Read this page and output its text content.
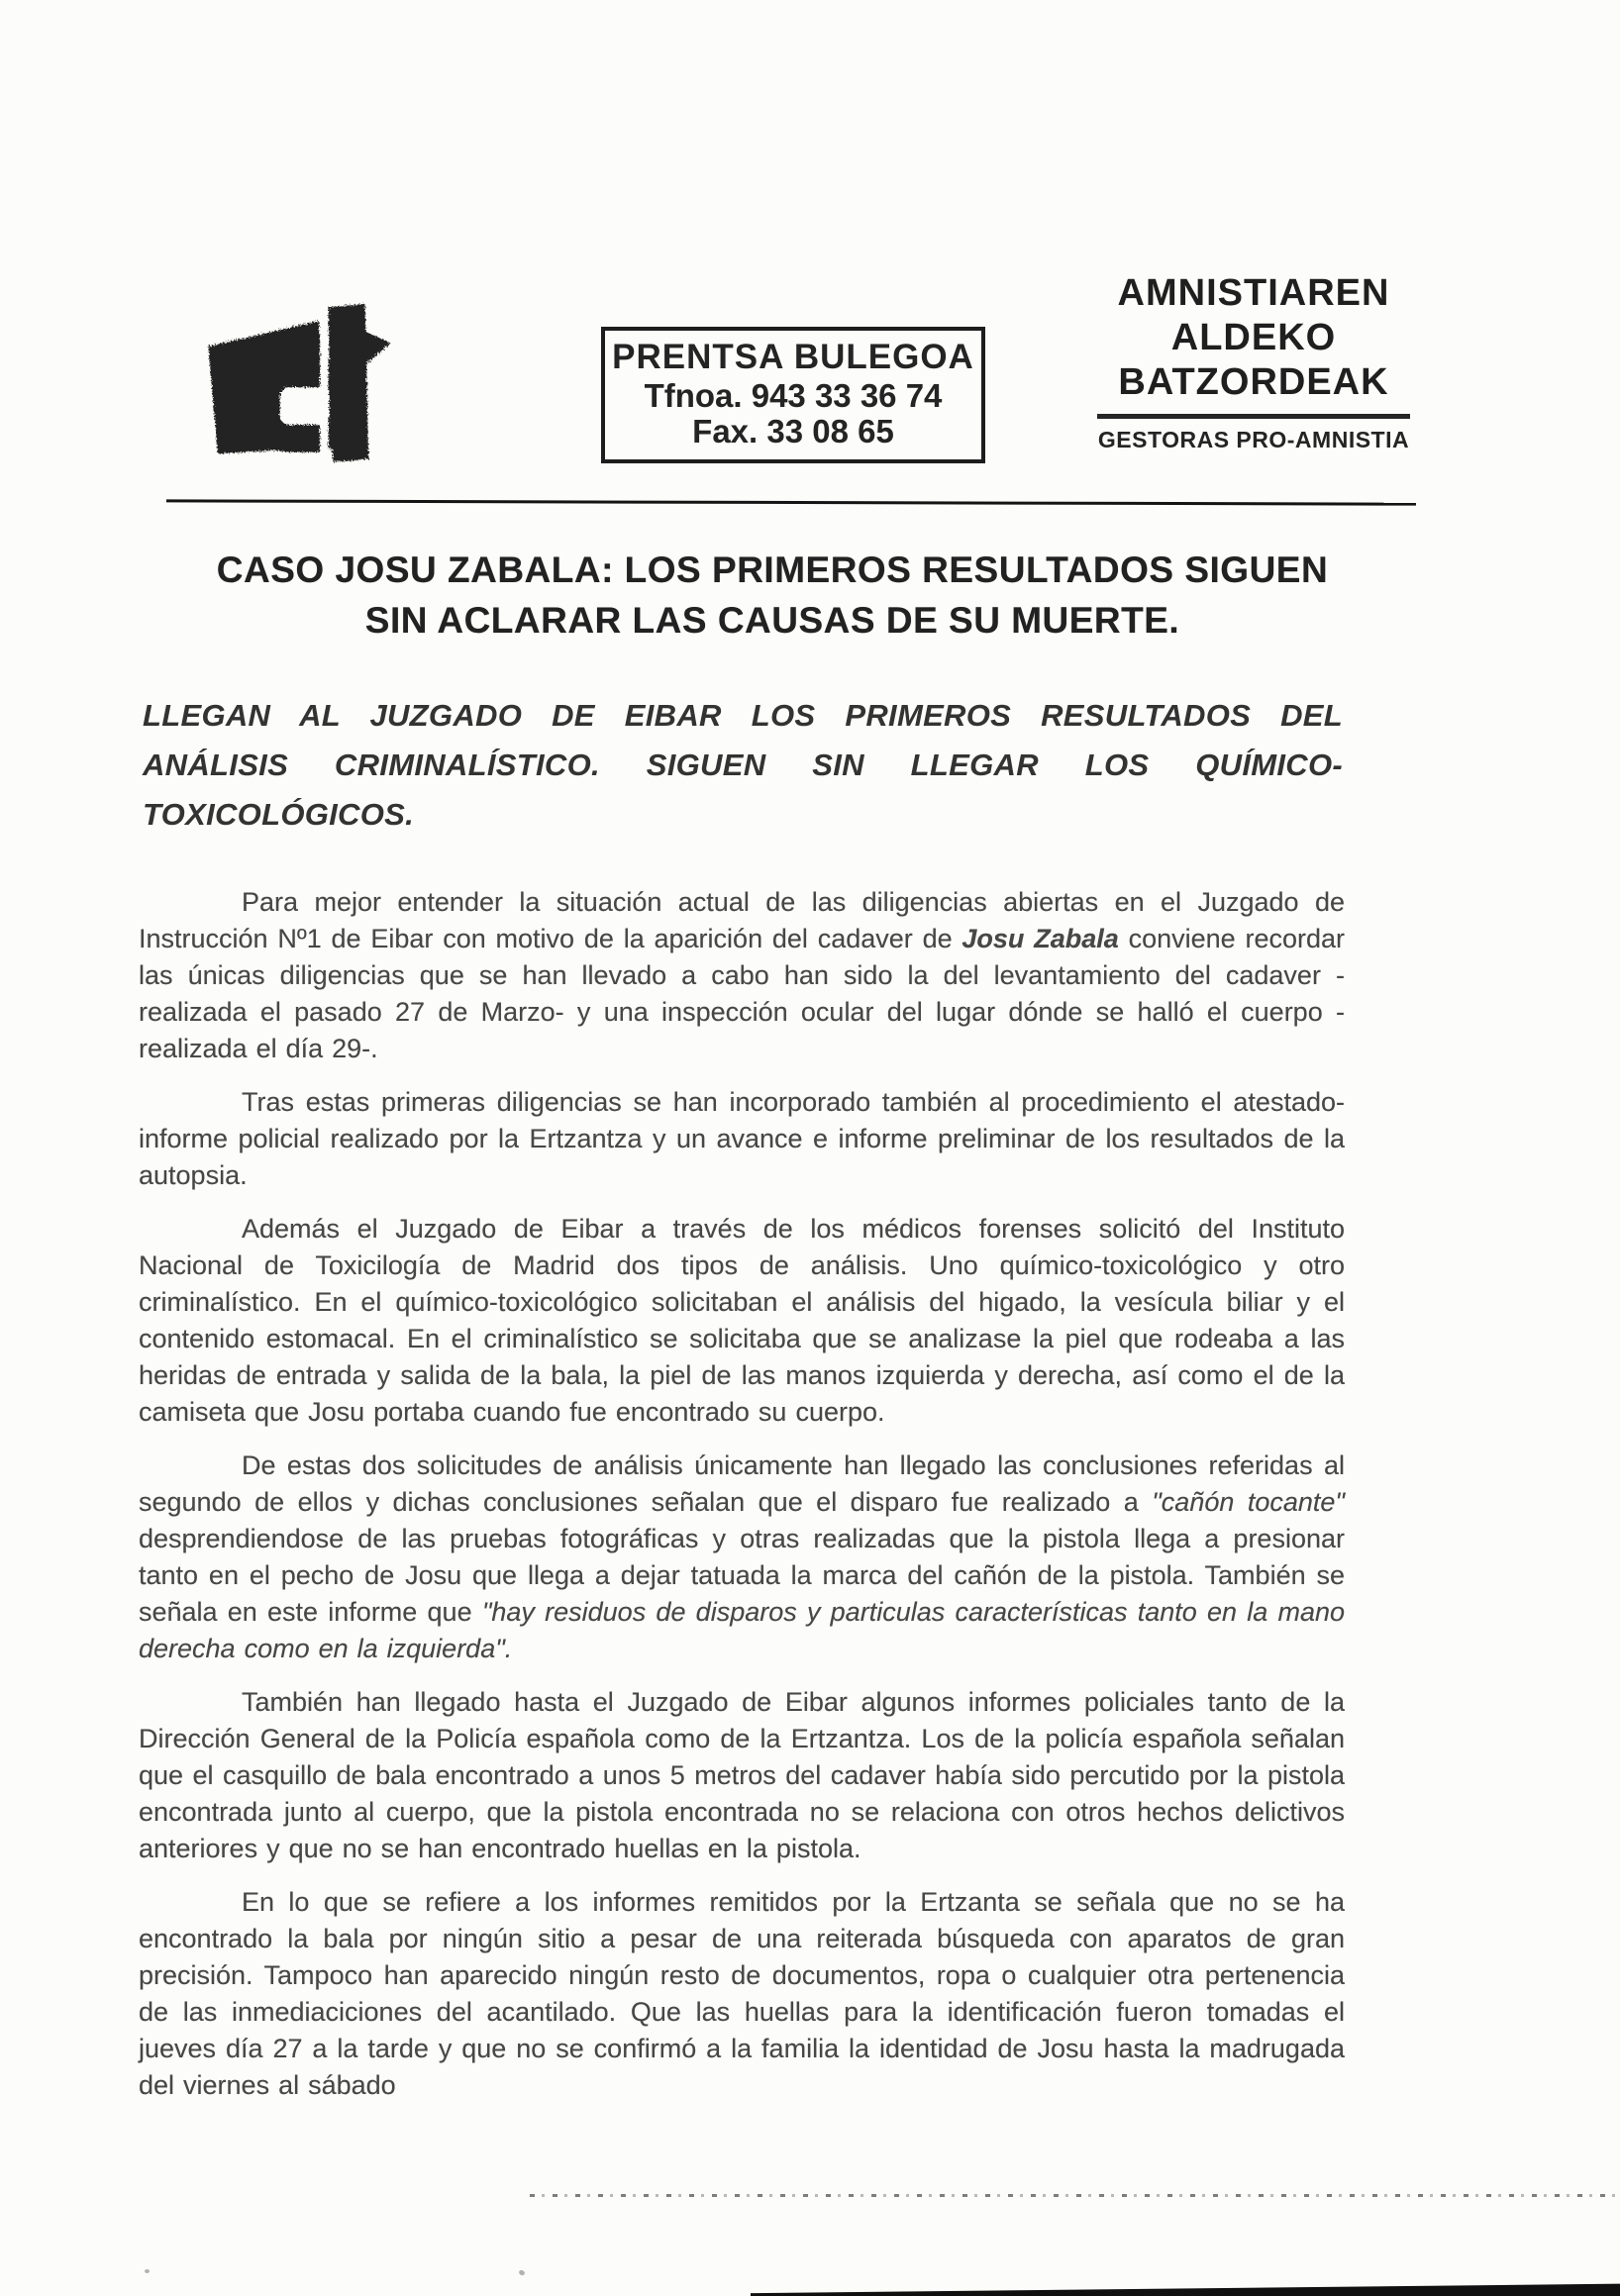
PRENTSA BULEGOA
Tfnoa. 943 33 36 74
Fax. 33 08 65
AMNISTIAREN
ALDEKO
BATZORDEAK
GESTORAS PRO-AMNISTIA
CASO JOSU ZABALA: LOS PRIMEROS RESULTADOS SIGUEN
SIN ACLARAR LAS CAUSAS DE SU MUERTE.
LLEGAN AL JUZGADO DE EIBAR LOS PRIMEROS RESULTADOS DEL
ANÁLISIS CRIMINALÍSTICO. SIGUEN SIN LLEGAR LOS QUÍMICO-
TOXICOLÓGICOS.

Para mejor entender la situación actual de las diligencias abiertas en el Juzgado de Instrucción Nº1 de Eibar con motivo de la aparición del cadaver de Josu Zabala conviene recordar las únicas diligencias que se han llevado a cabo han sido la del levantamiento del cadaver -realizada el pasado 27 de Marzo- y una inspección ocular del lugar dónde se halló el cuerpo -realizada el día 29-.

Tras estas primeras diligencias se han incorporado también al procedimiento el atestado-informe policial realizado por la Ertzantza y un avance e informe preliminar de los resultados de la autopsia.

Además el Juzgado de Eibar a través de los médicos forenses solicitó del Instituto Nacional de Toxicilogía de Madrid dos tipos de análisis. Uno químico-toxicológico y otro criminalístico. En el químico-toxicológico solicitaban el análisis del higado, la vesícula biliar y el contenido estomacal. En el criminalístico se solicitaba que se analizase la piel que rodeaba a las heridas de entrada y salida de la bala, la piel de las manos izquierda y derecha, así como el de la camiseta que Josu portaba cuando fue encontrado su cuerpo.

De estas dos solicitudes de análisis únicamente han llegado las conclusiones referidas al segundo de ellos y dichas conclusiones señalan que el disparo fue realizado a "cañón tocante" desprendiendose de las pruebas fotográficas y otras realizadas que la pistola llega a presionar tanto en el pecho de Josu que llega a dejar tatuada la marca del cañón de la pistola. También se señala en este informe que "hay residuos de disparos y particulas características tanto en la mano derecha como en la izquierda".

También han llegado hasta el Juzgado de Eibar algunos informes policiales tanto de la Dirección General de la Policía española como de la Ertzantza. Los de la policía española señalan que el casquillo de bala encontrado a unos 5 metros del cadaver había sido percutido por la pistola encontrada junto al cuerpo, que la pistola encontrada no se relaciona con otros hechos delictivos anteriores y que no se han encontrado huellas en la pistola.

En lo que se refiere a los informes remitidos por la Ertzanta se señala que no se ha encontrado la bala por ningún sitio a pesar de una reiterada búsqueda con aparatos de gran precisión. Tampoco han aparecido ningún resto de documentos, ropa o cualquier otra pertenencia de las inmediaciciones del acantilado. Que las huellas para la identificación fueron tomadas el jueves día 27 a la tarde y que no se confirmó a la familia la identidad de Josu hasta la madrugada del viernes al sábado
